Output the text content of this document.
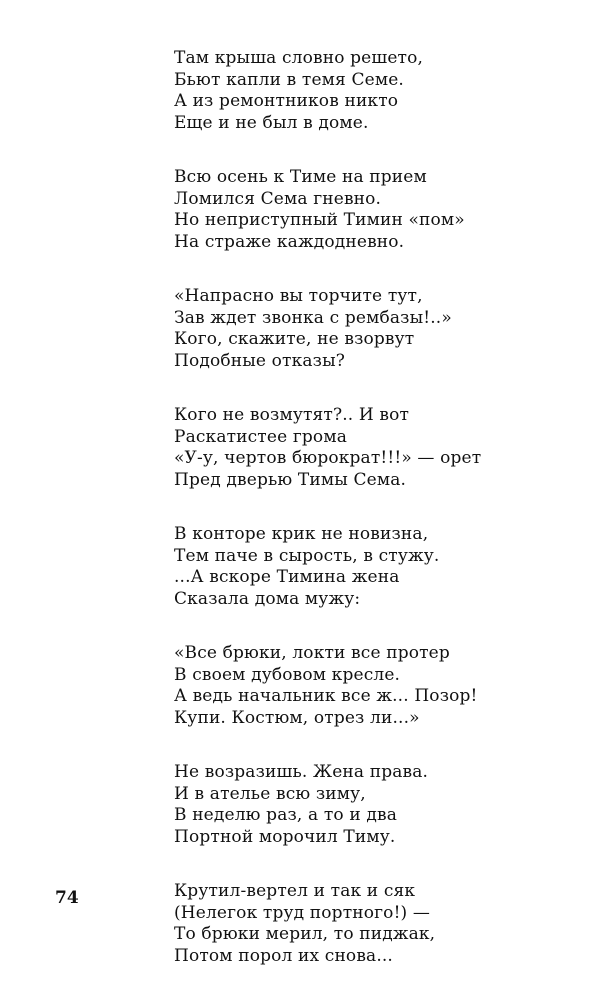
Там крыша словно решето,
Бьют капли в темя Семе.
А из ремонтников никто
Еще и не был в доме.
Всю осень к Тиме на прием
Ломился Сема гневно.
Но неприступный Тимин «пом»
На страже каждодневно.
«Напрасно вы торчите тут,
Зав ждет звонка с рембазы!..»
Кого, скажите, не взорвут
Подобные отказы?
Кого не возмутят?.. И вот
Раскатистее грома
«У-у, чертов бюрократ!!!» — орет
Пред дверью Тимы Сема.
В конторе крик не новизна,
Тем паче в сырость, в стужу.
...А вскоре Тимина жена
Сказала дома мужу:
«Все брюки, локти все протер
В своем дубовом кресле.
А ведь начальник все ж... Позор!
Купи. Костюм, отрез ли...»
Не возразишь. Жена права.
И в ателье всю зиму,
В неделю раз, а то и два
Портной морочил Тиму.
Крутил-вертел и так и сяк
(Нелегок труд портного!) —
То брюки мерил, то пиджак,
Потом порол их снова...
74
